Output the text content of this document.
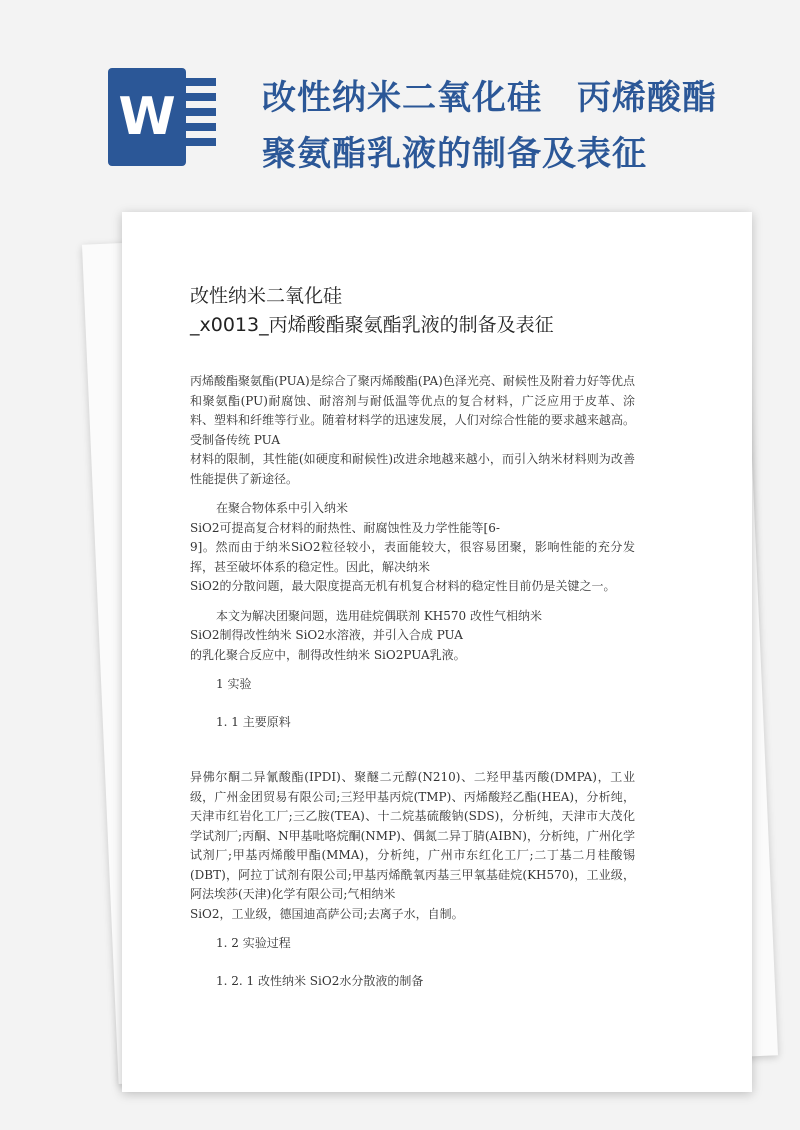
W	改性纳米二氧化硅　丙烯酸酯
聚氨酯乳液的制备及表征
改性纳米二氧化硅
_x0013_丙烯酸酯聚氨酯乳液的制备及表征

丙烯酸酯聚氨酯(PUA)是综合了聚丙烯酸酯(PA)色泽光亮、耐候性及附着力好等优点和聚氨酯(PU)耐腐蚀、耐溶剂与耐低温等优点的复合材料，广泛应用于皮革、涂料、塑料和纤维等行业。随着材料学的迅速发展，人们对综合性能的要求越来越高。受制备传统 PUA
材料的限制，其性能(如硬度和耐候性)改进余地越来越小，而引入纳米材料则为改善性能提供了新途径。

在聚合物体系中引入纳米

SiO2可提高复合材料的耐热性、耐腐蚀性及力学性能等[6-
9]。然而由于纳米SiO2粒径较小，表面能较大，很容易团聚，影响性能的充分发挥，甚至破坏体系的稳定性。因此，解决纳米
SiO2的分散问题，最大限度提高无机有机复合材料的稳定性目前仍是关键之一。

本文为解决团聚问题，选用硅烷偶联剂 KH570 改性气相纳米

SiO2制得改性纳米 SiO2水溶液，并引入合成 PUA
的乳化聚合反应中，制得改性纳米 SiO2PUA乳液。

1 实验

1. 1 主要原料

异佛尔酮二异氰酸酯(IPDI)、聚醚二元醇(N210)、二羟甲基丙酸(DMPA)，工业级，广州金团贸易有限公司;三羟甲基丙烷(TMP)、丙烯酸羟乙酯(HEA)，分析纯，天津市红岩化工厂;三乙胺(TEA)、十二烷基硫酸钠(SDS)，分析纯，天津市大茂化学试剂厂;丙酮、N甲基吡咯烷酮(NMP)、偶氮二异丁腈(AIBN)，分析纯，广州化学试剂厂;甲基丙烯酸甲酯(MMA)，分析纯，广州市东红化工厂;二丁基二月桂酸锡(DBT)，阿拉丁试剂有限公司;甲基丙烯酰氧丙基三甲氧基硅烷(KH570)，工业级，阿法埃莎(天津)化学有限公司;气相纳米
SiO2，工业级，德国迪高萨公司;去离子水，自制。

1. 2 实验过程

1. 2. 1 改性纳米 SiO2水分散液的制备
